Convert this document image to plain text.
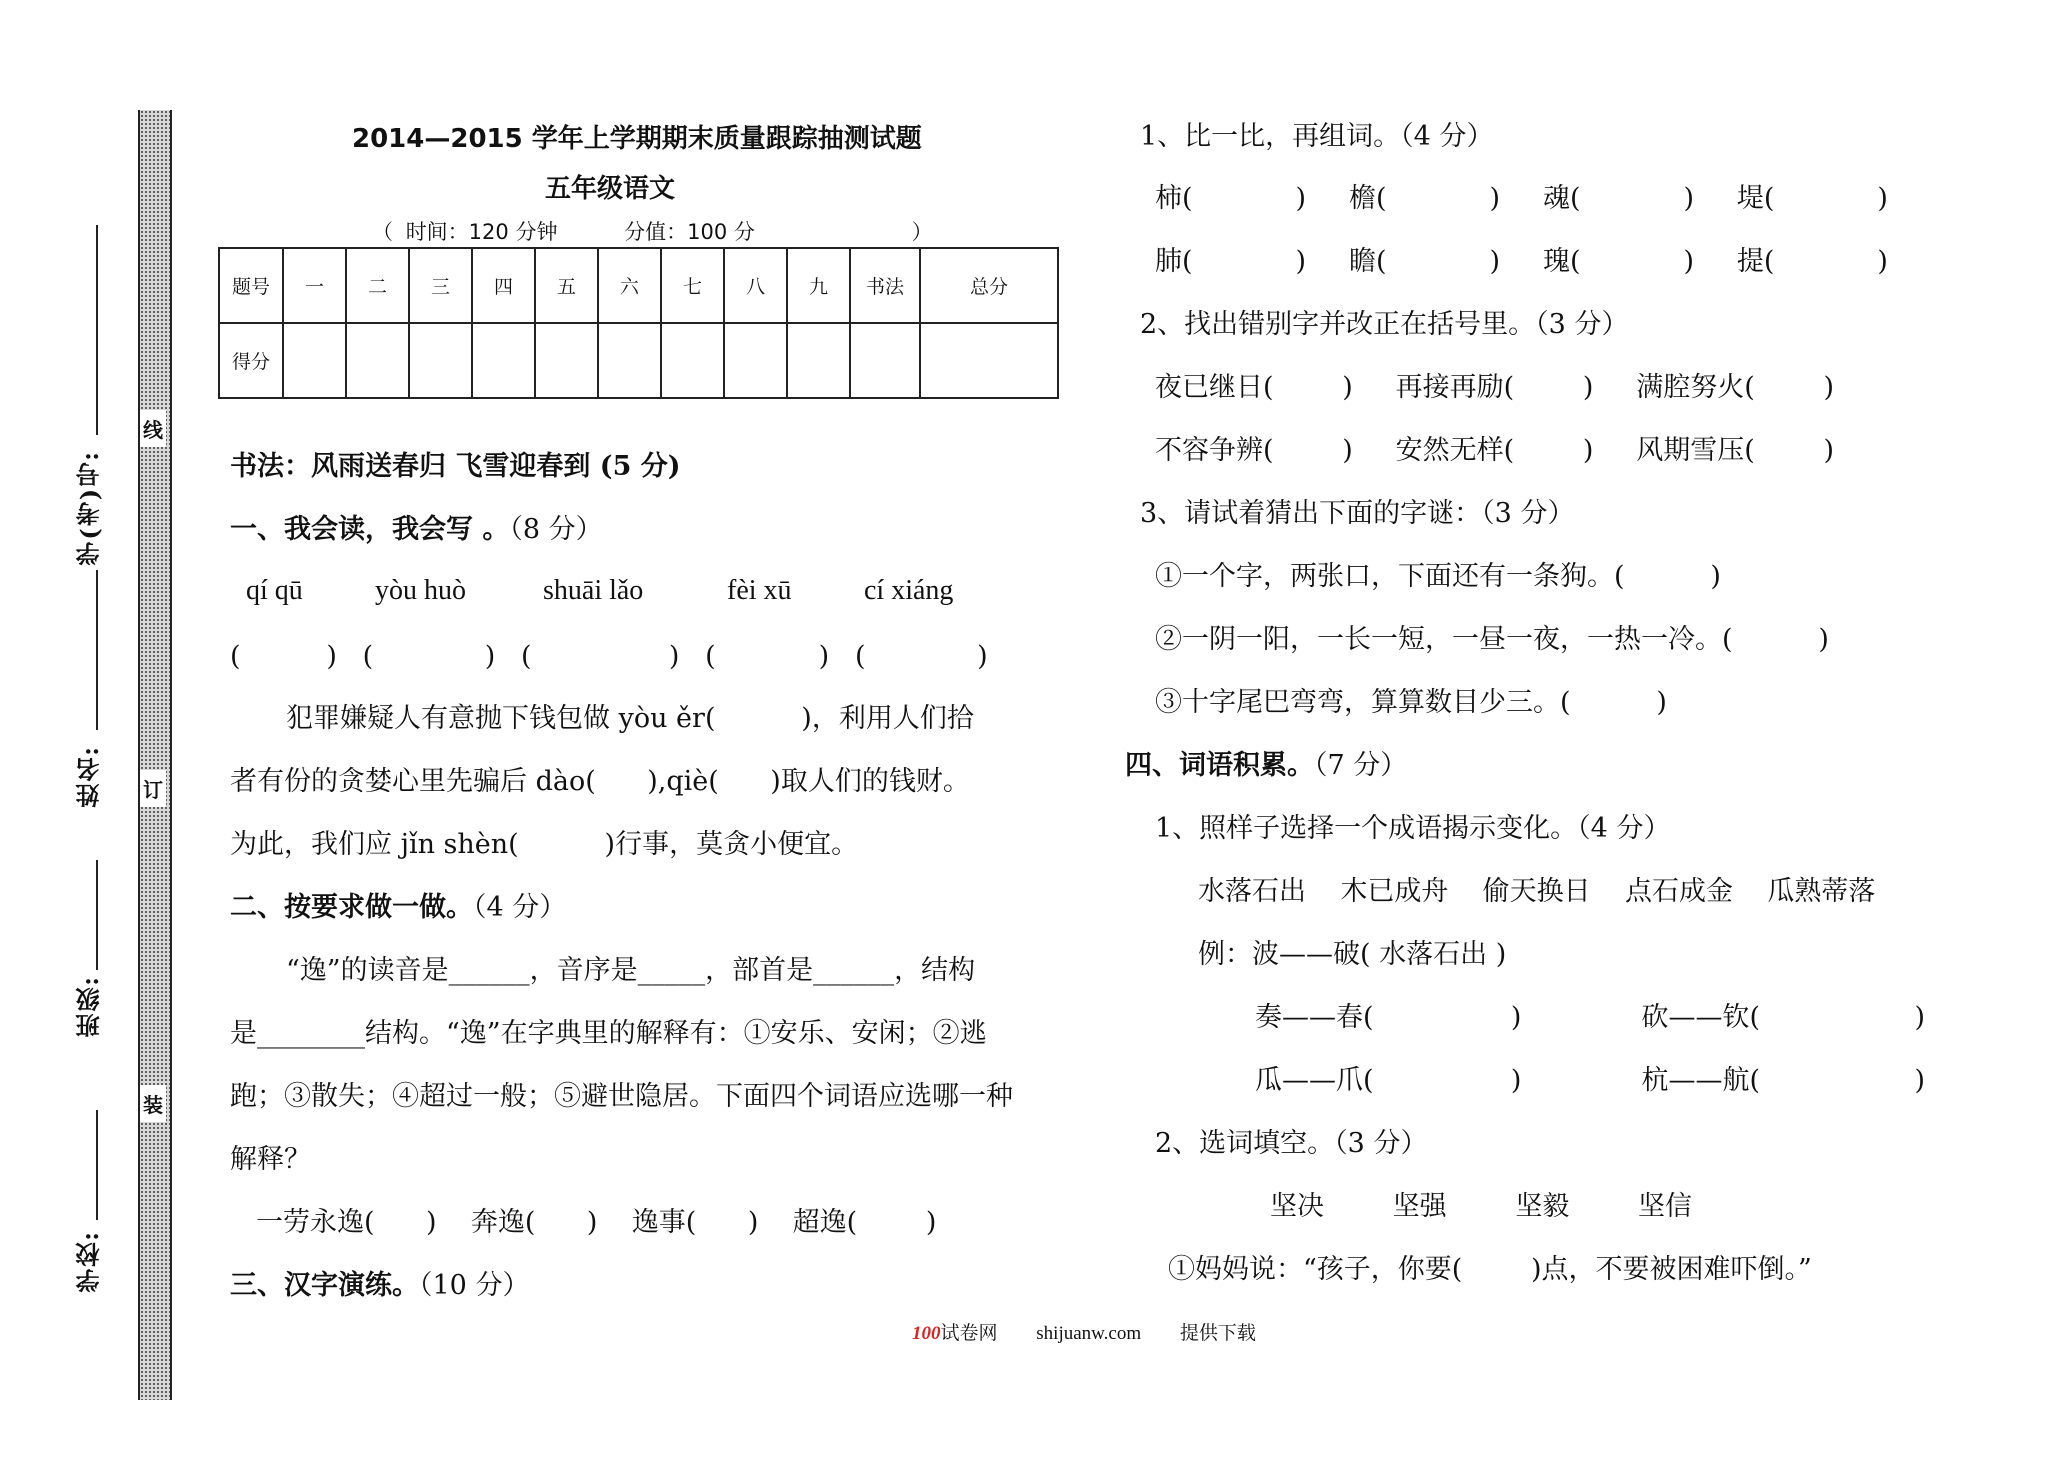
学(考)号:
姓名:
班级:
学校:
线
订
装
2014—2015 学年上学期期末质量跟踪抽测试题
五年级语文
（ 时间：120 分钟	分值：100 分	）
题号	一	二	三	四	五	六	七	八	九	书法	总分
得分											
书法：风雨送春归 飞雪迎春到 (5 分)
一、我会读，我会写 。（8 分）
qí qū	yòu huò	shuāi lǎo	fèi xū	cí xiáng
(          )   (             )   (                )   (            )   (             )
犯罪嫌疑人有意抛下钱包做 yòu ěr(          )，利用人们拾
者有份的贪婪心里先骗后 dào(      ),qiè(      )取人们的钱财。
为此，我们应 jǐn shèn(          )行事，莫贪小便宜。
二、按要求做一做。（4 分）
“逸”的读音是______，音序是_____，部首是______，结构
是________结构。“逸”在字典里的解释有：①安乐、安闲；②逃
跑；③散失；④超过一般；⑤避世隐居。下面四个词语应选哪一种
解释？
一劳永逸(      )    奔逸(      )    逸事(      )    超逸(        )
三、汉字演练。（10 分）
1、比一比，再组词。（4 分）
柿(            )     檐(            )     魂(            )     堤(            )
肺(            )     瞻(            )     瑰(            )     提(            )
2、找出错别字并改正在括号里。（3 分）
夜已继日(        )     再接再励(        )     满腔努火(        )
不容争辨(        )     安然无样(        )     风期雪压(        )
3、请试着猜出下面的字谜：（3 分）
①一个字，两张口，下面还有一条狗。(          )
②一阴一阳，一长一短，一昼一夜，一热一冷。(          )
③十字尾巴弯弯，算算数目少三。(          )
四、词语积累。（7 分）
1、照样子选择一个成语揭示变化。（4 分）
水落石出    木已成舟    偷天换日    点石成金    瓜熟蒂落
例：波——破( 水落石出 )
奏——春(                )              砍——钦(                  )
瓜——爪(                )              杭——航(                  )
2、选词填空。（3 分）
坚决        坚强        坚毅        坚信
①妈妈说：“孩子，你要(        )点，不要被困难吓倒。”
100试卷网 shijuanw.com 提供下载
